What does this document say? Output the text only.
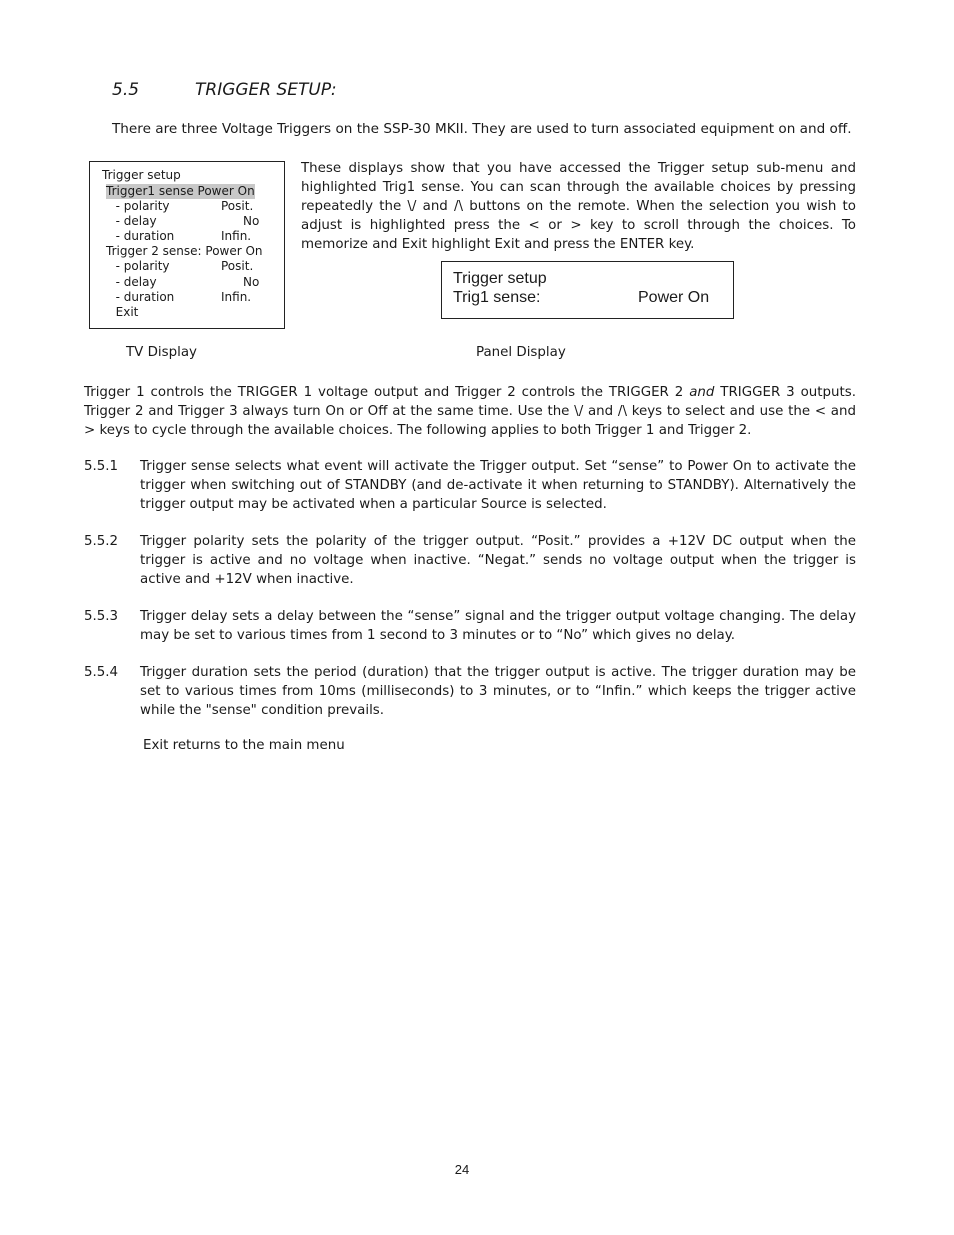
5.5	TRIGGER SETUP:
There are three Voltage Triggers on the SSP-30 MKII. They are used to turn associated equipment on and off.
Trigger setup
Trigger1 sense Power On
- polarity	Posit.
- delay	No
- duration	Infin.
Trigger 2 sense: Power On
- polarity	Posit.
- delay	No
- duration	Infin.
Exit
These displays show that you have accessed the Trigger setup sub-menu and highlighted Trig1 sense. You can scan through the available choices by pressing repeatedly the \/ and /\ buttons on the remote. When the selection you wish to adjust is highlighted press the < or > key to scroll through the choices. To memorize and Exit highlight Exit and press the ENTER key.
Trigger setup
Trig1 sense:	Power On
TV Display	Panel Display
Trigger 1 controls the TRIGGER 1 voltage output and Trigger 2 controls the TRIGGER 2 and TRIGGER 3 outputs. Trigger 2 and Trigger 3 always turn On or Off at the same time. Use the \/ and /\ keys to select and use the < and > keys to cycle through the available choices. The following applies to both Trigger 1 and Trigger 2.
5.5.1 Trigger sense selects what event will activate the Trigger output. Set “sense” to Power On to activate the trigger when switching out of STANDBY (and de-activate it when returning to STANDBY). Alternatively the trigger output may be activated when a particular Source is selected.
5.5.2 Trigger polarity sets the polarity of the trigger output. “Posit.” provides a +12V DC output when the trigger is active and no voltage when inactive. “Negat.” sends no voltage output when the trigger is active and +12V when inactive.
5.5.3 Trigger delay sets a delay between the “sense” signal and the trigger output voltage changing. The delay may be set to various times from 1 second to 3 minutes or to “No” which gives no delay.
5.5.4 Trigger duration sets the period (duration) that the trigger output is active. The trigger duration may be set to various times from 10ms (milliseconds) to 3 minutes, or to “Infin.” which keeps the trigger active while the "sense" condition prevails.
Exit returns to the main menu
24
